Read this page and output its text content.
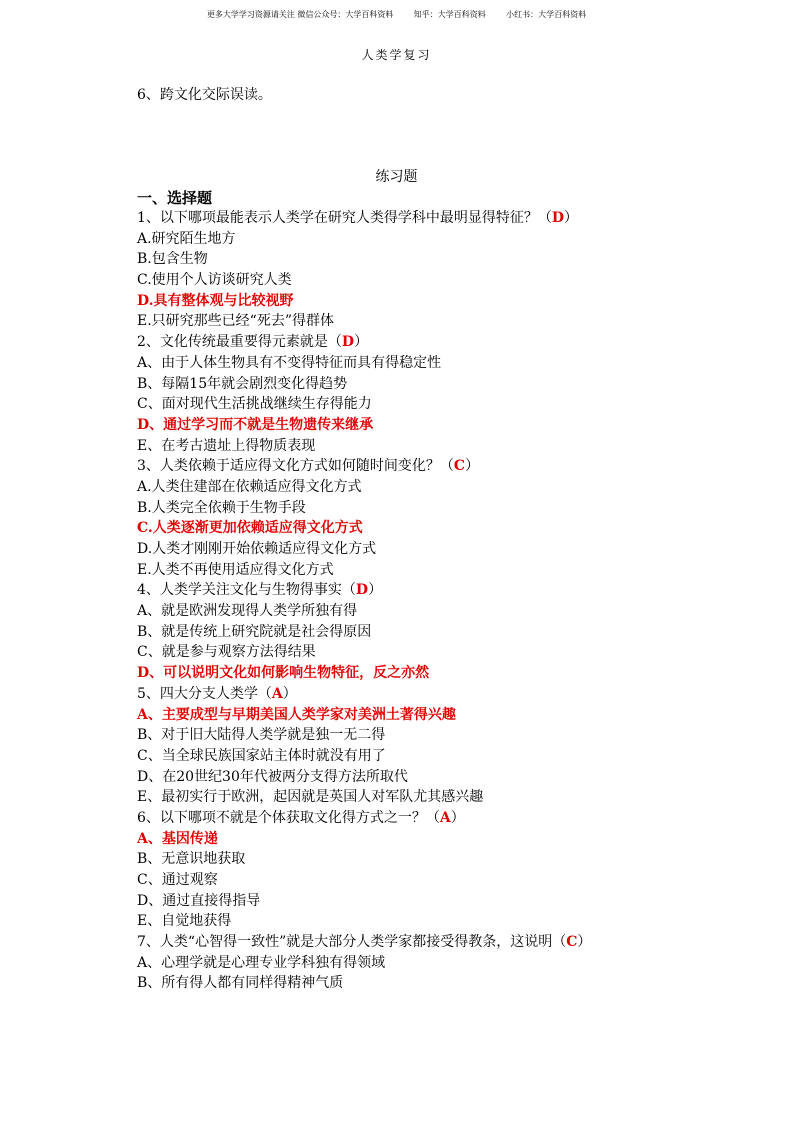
更多大学学习资源请关注 微信公众号：大学百科资料        知乎：大学百科资料        小红书：大学百科资料
人类学复习
6、跨文化交际误读。
练习题
一、选择题
1、以下哪项最能表示人类学在研究人类得学科中最明显得特征？（D）
A.研究陌生地方
B.包含生物
C.使用个人访谈研究人类
D.具有整体观与比较视野
E.只研究那些已经“死去”得群体
2、文化传统最重要得元素就是（D）
A、由于人体生物具有不变得特征而具有得稳定性
B、每隔15年就会剧烈变化得趋势
C、面对现代生活挑战继续生存得能力
D、通过学习而不就是生物遗传来继承
E、在考古遗址上得物质表现
3、人类依赖于适应得文化方式如何随时间变化？（C）
A.人类住建部在依赖适应得文化方式
B.人类完全依赖于生物手段
C.人类逐渐更加依赖适应得文化方式
D.人类才刚刚开始依赖适应得文化方式
E.人类不再使用适应得文化方式
4、人类学关注文化与生物得事实（D）
A、就是欧洲发现得人类学所独有得
B、就是传统上研究院就是社会得原因
C、就是参与观察方法得结果
D、可以说明文化如何影响生物特征，反之亦然
5、四大分支人类学（A）
A、主要成型与早期美国人类学家对美洲土著得兴趣
B、对于旧大陆得人类学就是独一无二得
C、当全球民族国家站主体时就没有用了
D、在20世纪30年代被两分支得方法所取代
E、最初实行于欧洲，起因就是英国人对军队尤其感兴趣
6、以下哪项不就是个体获取文化得方式之一？（A）
A、基因传递
B、无意识地获取
C、通过观察
D、通过直接得指导
E、自觉地获得
7、人类“心智得一致性”就是大部分人类学家都接受得教条，这说明（C）
A、心理学就是心理专业学科独有得领域
B、所有得人都有同样得精神气质
